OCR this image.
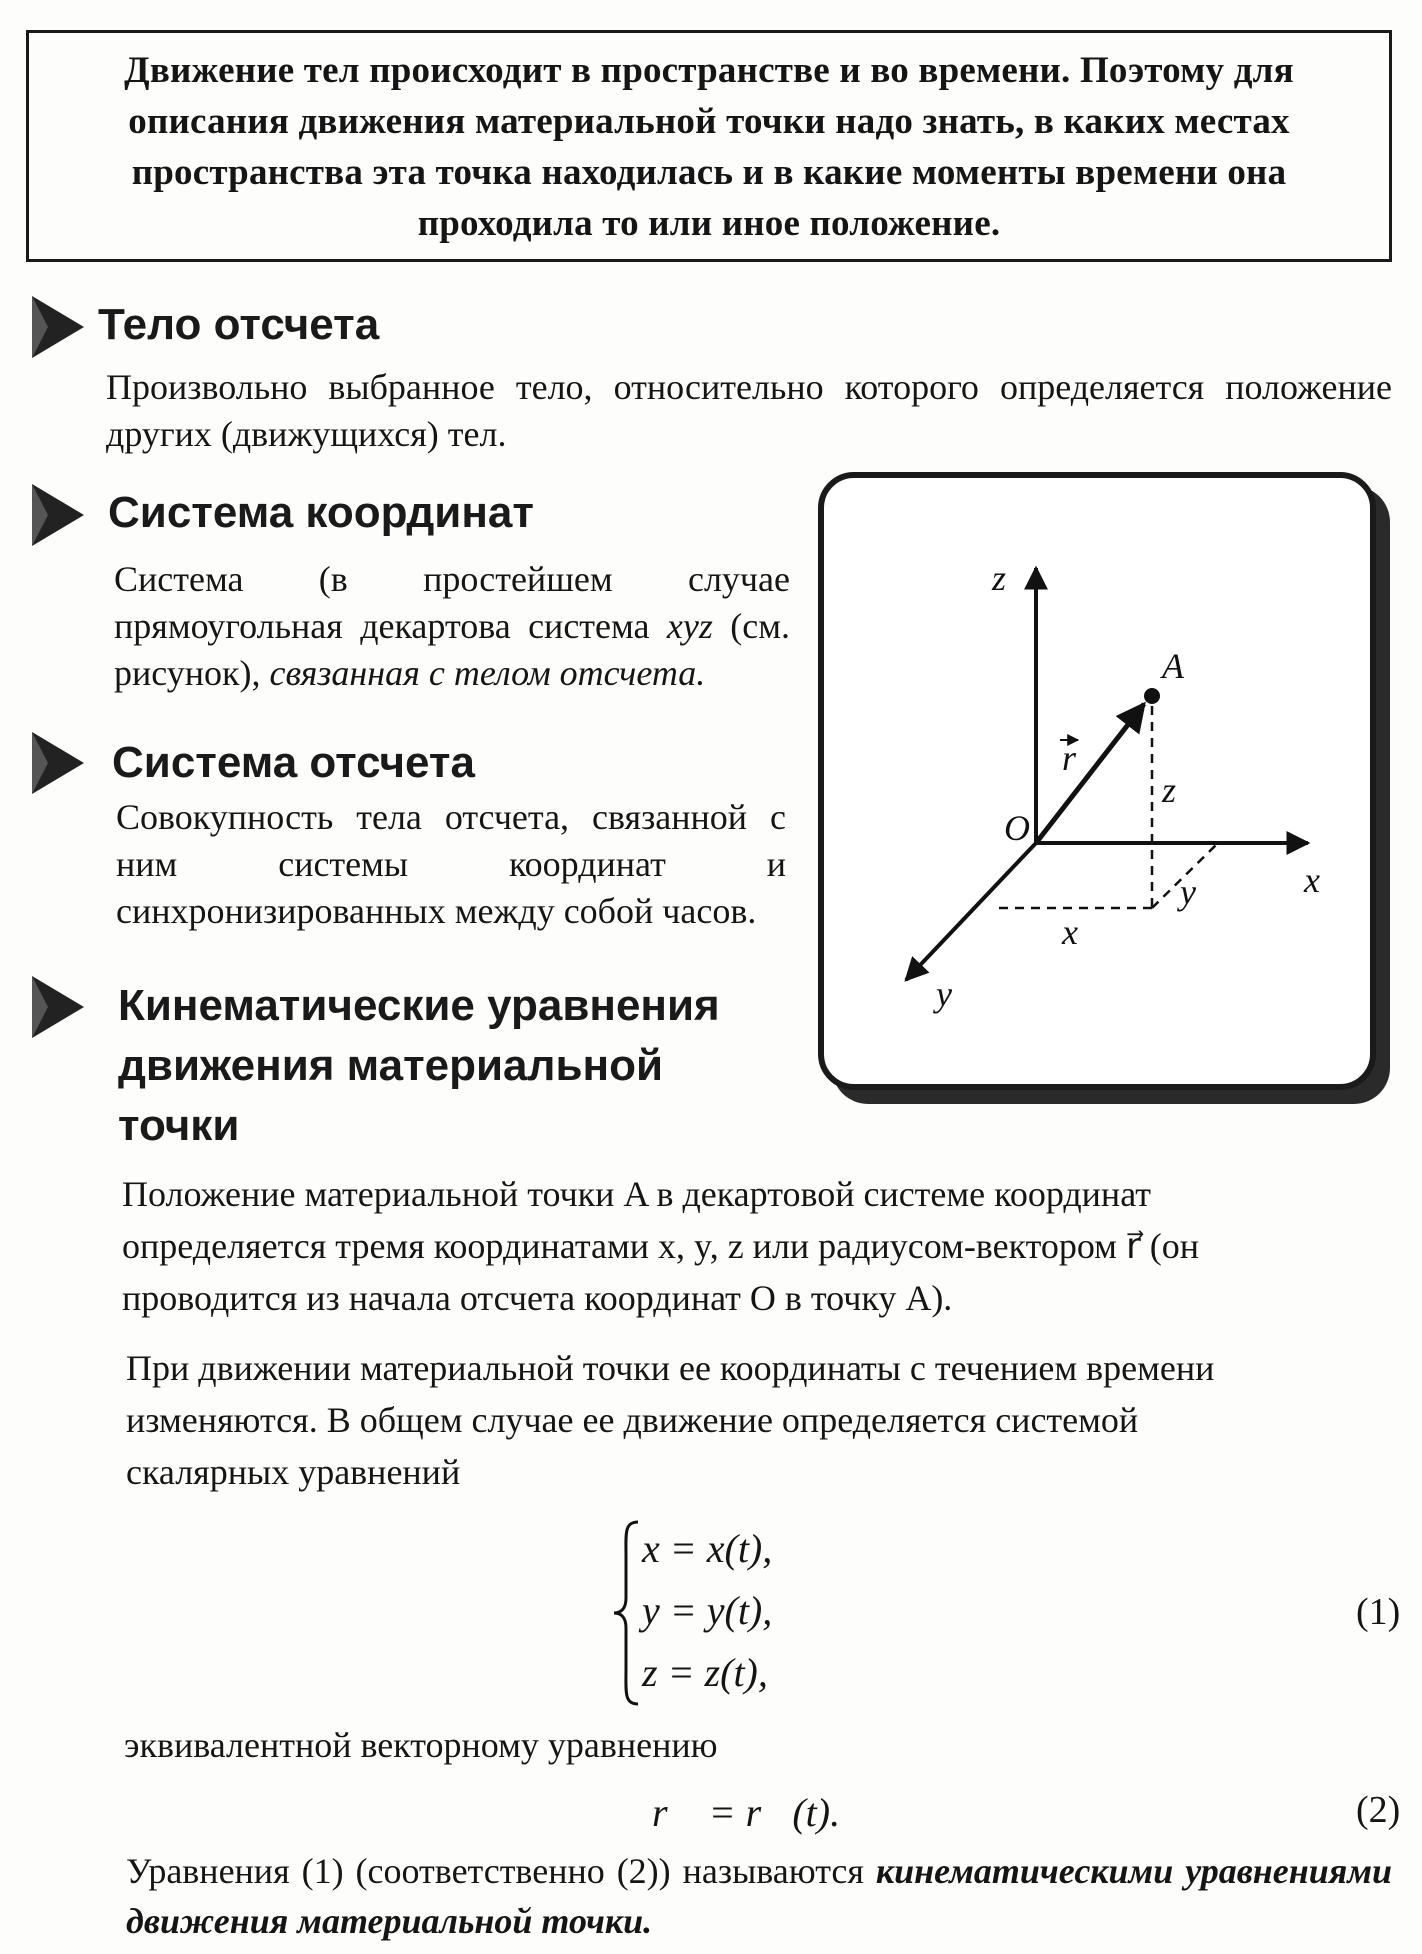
Движение тел происходит в пространстве и во времени. Поэтому для описания движения материальной точки надо знать, в каких местах пространства эта точка находилась и в какие моменты времени она проходила то или иное положение.
Тело отсчета

Произвольно выбранное тело, относительно которого определяется положение других (движущихся) тел.

Система координат

Система (в простейшем случае прямоугольная декартова система xyz (см. рисунок), связанная с телом отсчета.

Система отсчета

Совокупность тела отсчета, связанной с ним системы координат и синхронизированных между собой часов.

z
x
y
O
A
r
z
x
y
Кинематические уравнения
движения материальной
точки
Положение материальной точки A в декартовой системе координат
определяется тремя координатами x, y, z или радиусом-вектором r⃗ (он
проводится из начала отсчета координат O в точку A).
При движении материальной точки ее координаты с течением времени
изменяются. В общем случае ее движение определяется системой
скалярных уравнений
x = x(t),
y = y(t),
z = z(t),
(1)
эквивалентной векторному уравнению
r⃗ = r⃗(t).	(2)

Уравнения (1) (соответственно (2)) называются кинематическими уравнениями движения материальной точки.
